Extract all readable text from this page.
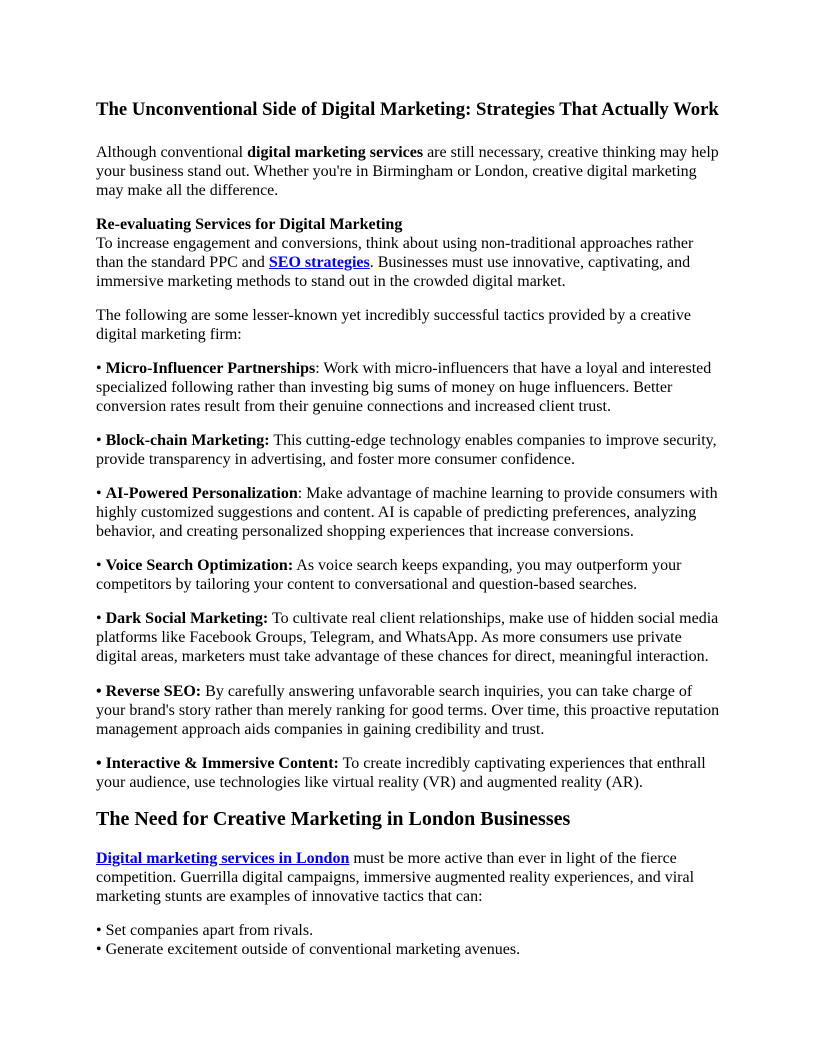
The Unconventional Side of Digital Marketing: Strategies That Actually Work

Although conventional digital marketing services are still necessary, creative thinking may help your business stand out. Whether you're in Birmingham or London, creative digital marketing may make all the difference.

Re-evaluating Services for Digital Marketing

To increase engagement and conversions, think about using non-traditional approaches rather than the standard PPC and SEO strategies. Businesses must use innovative, captivating, and immersive marketing methods to stand out in the crowded digital market.

The following are some lesser-known yet incredibly successful tactics provided by a creative digital marketing firm:

• Micro-Influencer Partnerships: Work with micro-influencers that have a loyal and interested specialized following rather than investing big sums of money on huge influencers. Better conversion rates result from their genuine connections and increased client trust.

• Block-chain Marketing: This cutting-edge technology enables companies to improve security, provide transparency in advertising, and foster more consumer confidence.

• AI-Powered Personalization: Make advantage of machine learning to provide consumers with highly customized suggestions and content. AI is capable of predicting preferences, analyzing behavior, and creating personalized shopping experiences that increase conversions.

• Voice Search Optimization: As voice search keeps expanding, you may outperform your competitors by tailoring your content to conversational and question-based searches.

• Dark Social Marketing: To cultivate real client relationships, make use of hidden social media platforms like Facebook Groups, Telegram, and WhatsApp. As more consumers use private digital areas, marketers must take advantage of these chances for direct, meaningful interaction.

• Reverse SEO: By carefully answering unfavorable search inquiries, you can take charge of your brand's story rather than merely ranking for good terms. Over time, this proactive reputation management approach aids companies in gaining credibility and trust.

• Interactive & Immersive Content: To create incredibly captivating experiences that enthrall your audience, use technologies like virtual reality (VR) and augmented reality (AR).

The Need for Creative Marketing in London Businesses

Digital marketing services in London must be more active than ever in light of the fierce competition. Guerrilla digital campaigns, immersive augmented reality experiences, and viral marketing stunts are examples of innovative tactics that can:

• Set companies apart from rivals.

• Generate excitement outside of conventional marketing avenues.
